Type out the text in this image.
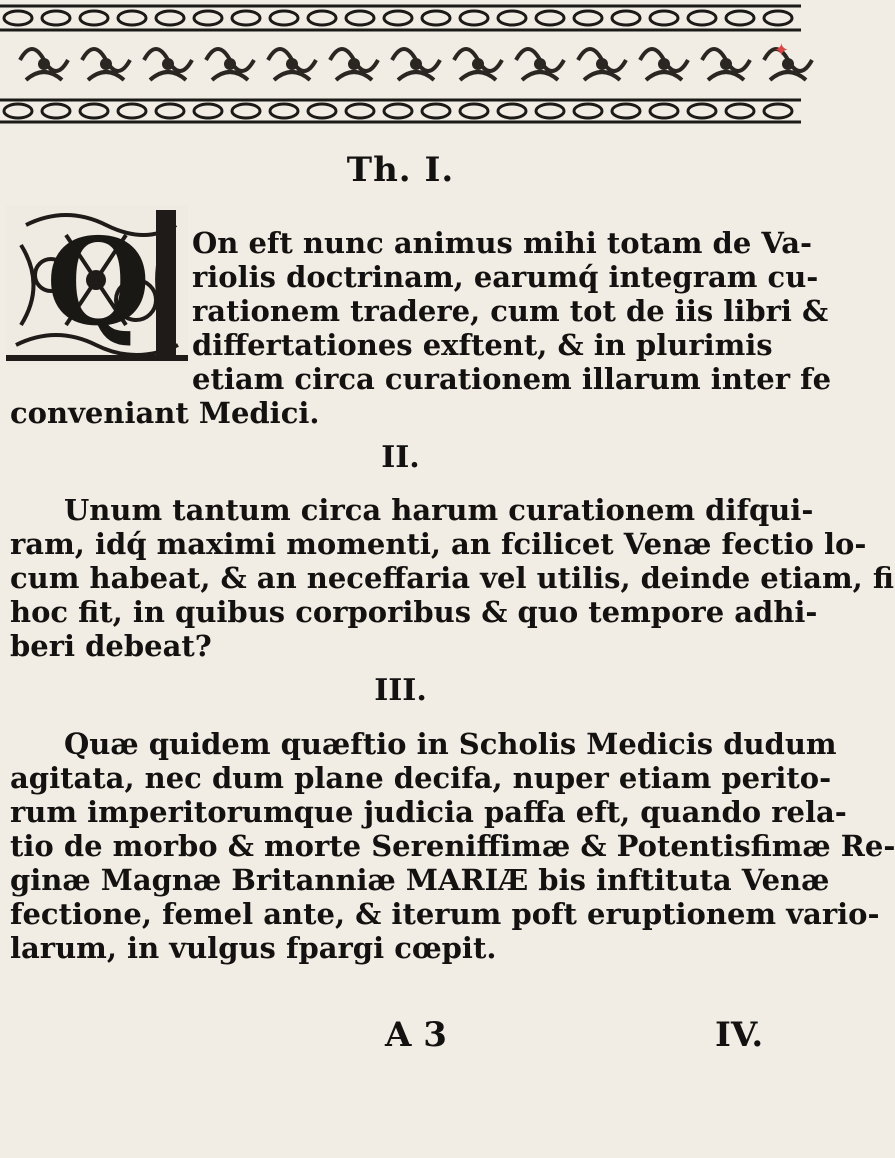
✦
Th. I.
Q On eft nunc animus mihi totam de Va-
riolis doctrinam, earumq́ integram cu-
rationem tradere, cum tot de iis libri &
differtationes exftent, & in plurimis
etiam circa curationem illarum inter fe
conveniant Medici.
II.
Unum tantum circa harum curationem difqui-
ram, idq́ maximi momenti, an fcilicet Venæ fectio lo-
cum habeat, & an neceffaria vel utilis, deinde etiam, fi
hoc fit, in quibus corporibus & quo tempore adhi-
beri debeat?
III.
Quæ quidem quæftio in Scholis Medicis dudum
agitata, nec dum plane decifa, nuper etiam perito-
rum imperitorumque judicia paffa eft, quando rela-
tio de morbo & morte Sereniffimæ & Potentisfimæ Re-
ginæ Magnæ Britanniæ MARIÆ bis inftituta Venæ
fectione, femel ante, & iterum poft eruptionem vario-
larum, in vulgus fpargi cœpit.
A 3	IV.
